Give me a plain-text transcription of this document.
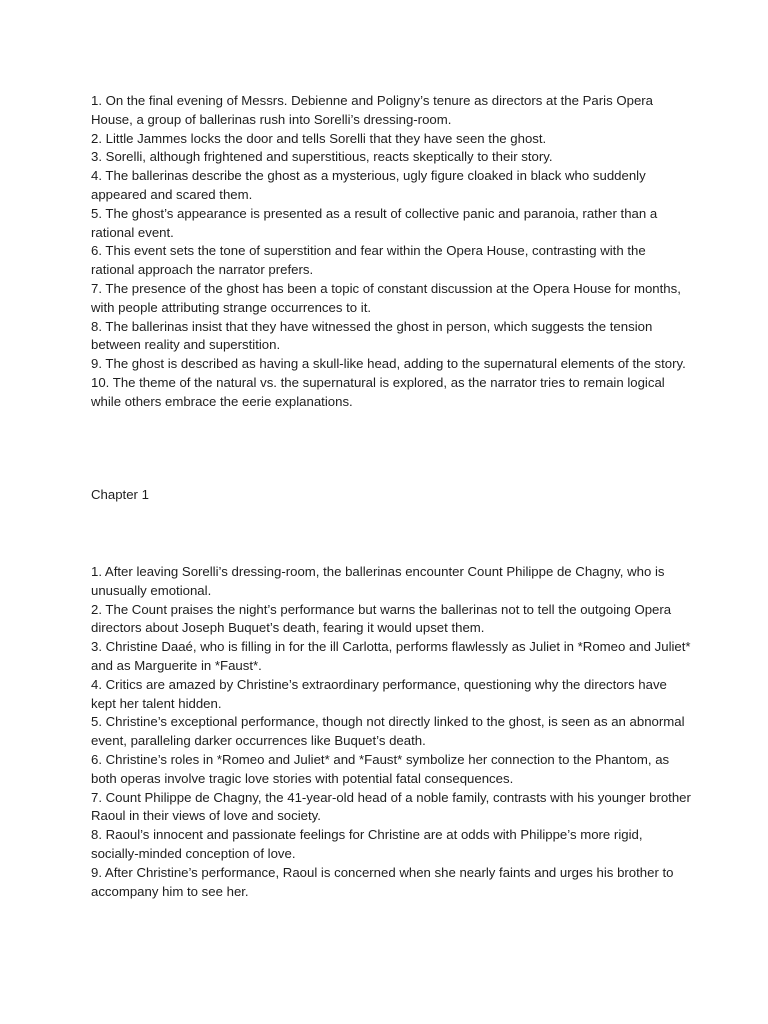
1. On the final evening of Messrs. Debienne and Poligny’s tenure as directors at the Paris Opera House, a group of ballerinas rush into Sorelli’s dressing-room.

2. Little Jammes locks the door and tells Sorelli that they have seen the ghost.

3. Sorelli, although frightened and superstitious, reacts skeptically to their story.

4. The ballerinas describe the ghost as a mysterious, ugly figure cloaked in black who suddenly appeared and scared them.

5. The ghost’s appearance is presented as a result of collective panic and paranoia, rather than a rational event.

6. This event sets the tone of superstition and fear within the Opera House, contrasting with the rational approach the narrator prefers.

7. The presence of the ghost has been a topic of constant discussion at the Opera House for months, with people attributing strange occurrences to it.

8. The ballerinas insist that they have witnessed the ghost in person, which suggests the tension between reality and superstition.

9. The ghost is described as having a skull-like head, adding to the supernatural elements of the story.

10. The theme of the natural vs. the supernatural is explored, as the narrator tries to remain logical while others embrace the eerie explanations.

Chapter 1

1. After leaving Sorelli’s dressing-room, the ballerinas encounter Count Philippe de Chagny, who is unusually emotional.

2. The Count praises the night’s performance but warns the ballerinas not to tell the outgoing Opera directors about Joseph Buquet’s death, fearing it would upset them.

3. Christine Daaé, who is filling in for the ill Carlotta, performs flawlessly as Juliet in *Romeo and Juliet* and as Marguerite in *Faust*.

4. Critics are amazed by Christine’s extraordinary performance, questioning why the directors have kept her talent hidden.

5. Christine’s exceptional performance, though not directly linked to the ghost, is seen as an abnormal event, paralleling darker occurrences like Buquet’s death.

6. Christine’s roles in *Romeo and Juliet* and *Faust* symbolize her connection to the Phantom, as both operas involve tragic love stories with potential fatal consequences.

7. Count Philippe de Chagny, the 41-year-old head of a noble family, contrasts with his younger brother Raoul in their views of love and society.

8. Raoul’s innocent and passionate feelings for Christine are at odds with Philippe’s more rigid, socially-minded conception of love.

9. After Christine’s performance, Raoul is concerned when she nearly faints and urges his brother to accompany him to see her.
